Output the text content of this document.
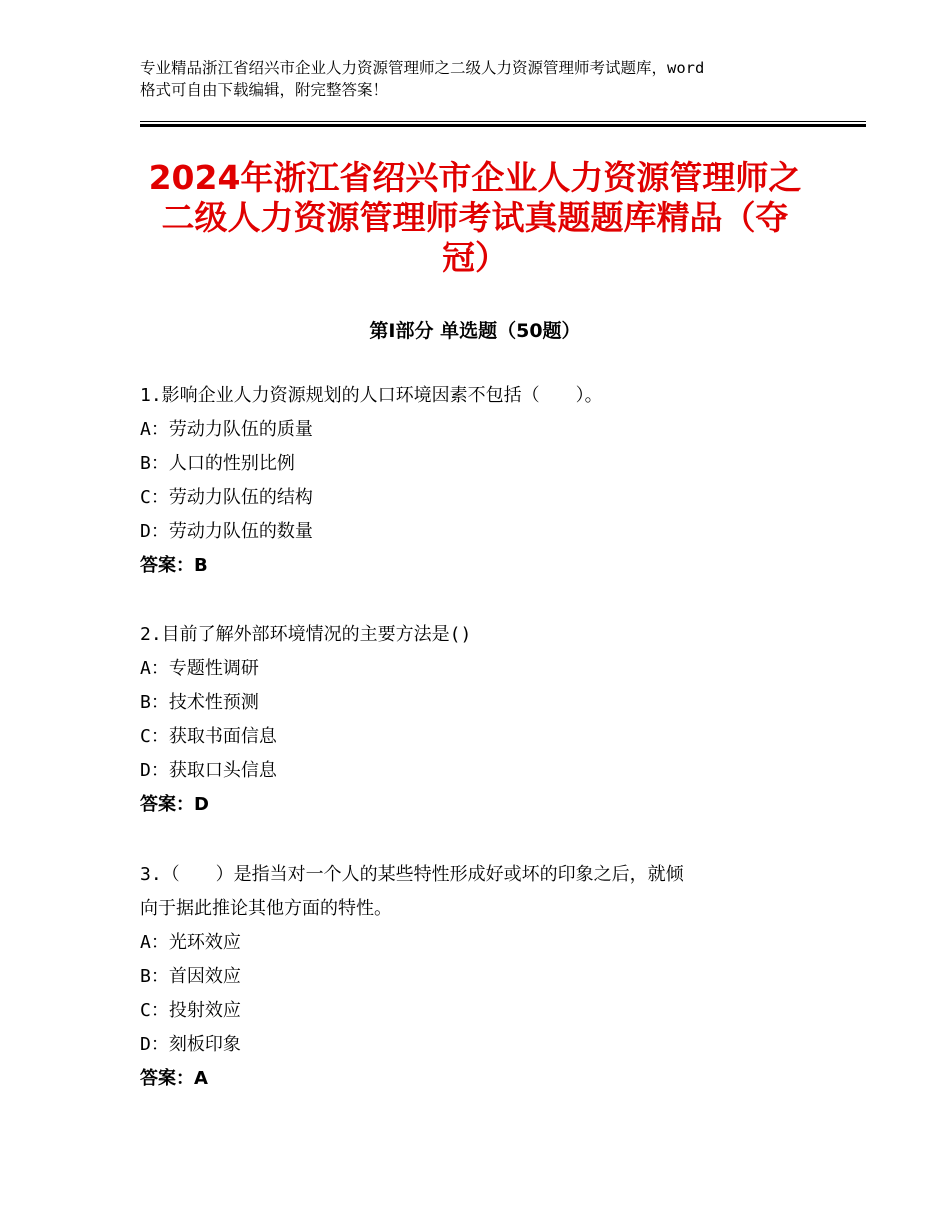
专业精品浙江省绍兴市企业人力资源管理师之二级人力资源管理师考试题库，word
格式可自由下载编辑，附完整答案！
2024年浙江省绍兴市企业人力资源管理师之
二级人力资源管理师考试真题题库精品（夺
冠）
第Ⅰ部分 单选题（50题）
1.影响企业人力资源规划的人口环境因素不包括（　　）。
A：劳动力队伍的质量
B：人口的性别比例
C：劳动力队伍的结构
D：劳动力队伍的数量
答案：B
2.目前了解外部环境情况的主要方法是()
A：专题性调研
B：技术性预测
C：获取书面信息
D：获取口头信息
答案：D
3.（　　）是指当对一个人的某些特性形成好或坏的印象之后，就倾
向于据此推论其他方面的特性。
A：光环效应
B：首因效应
C：投射效应
D：刻板印象
答案：A
